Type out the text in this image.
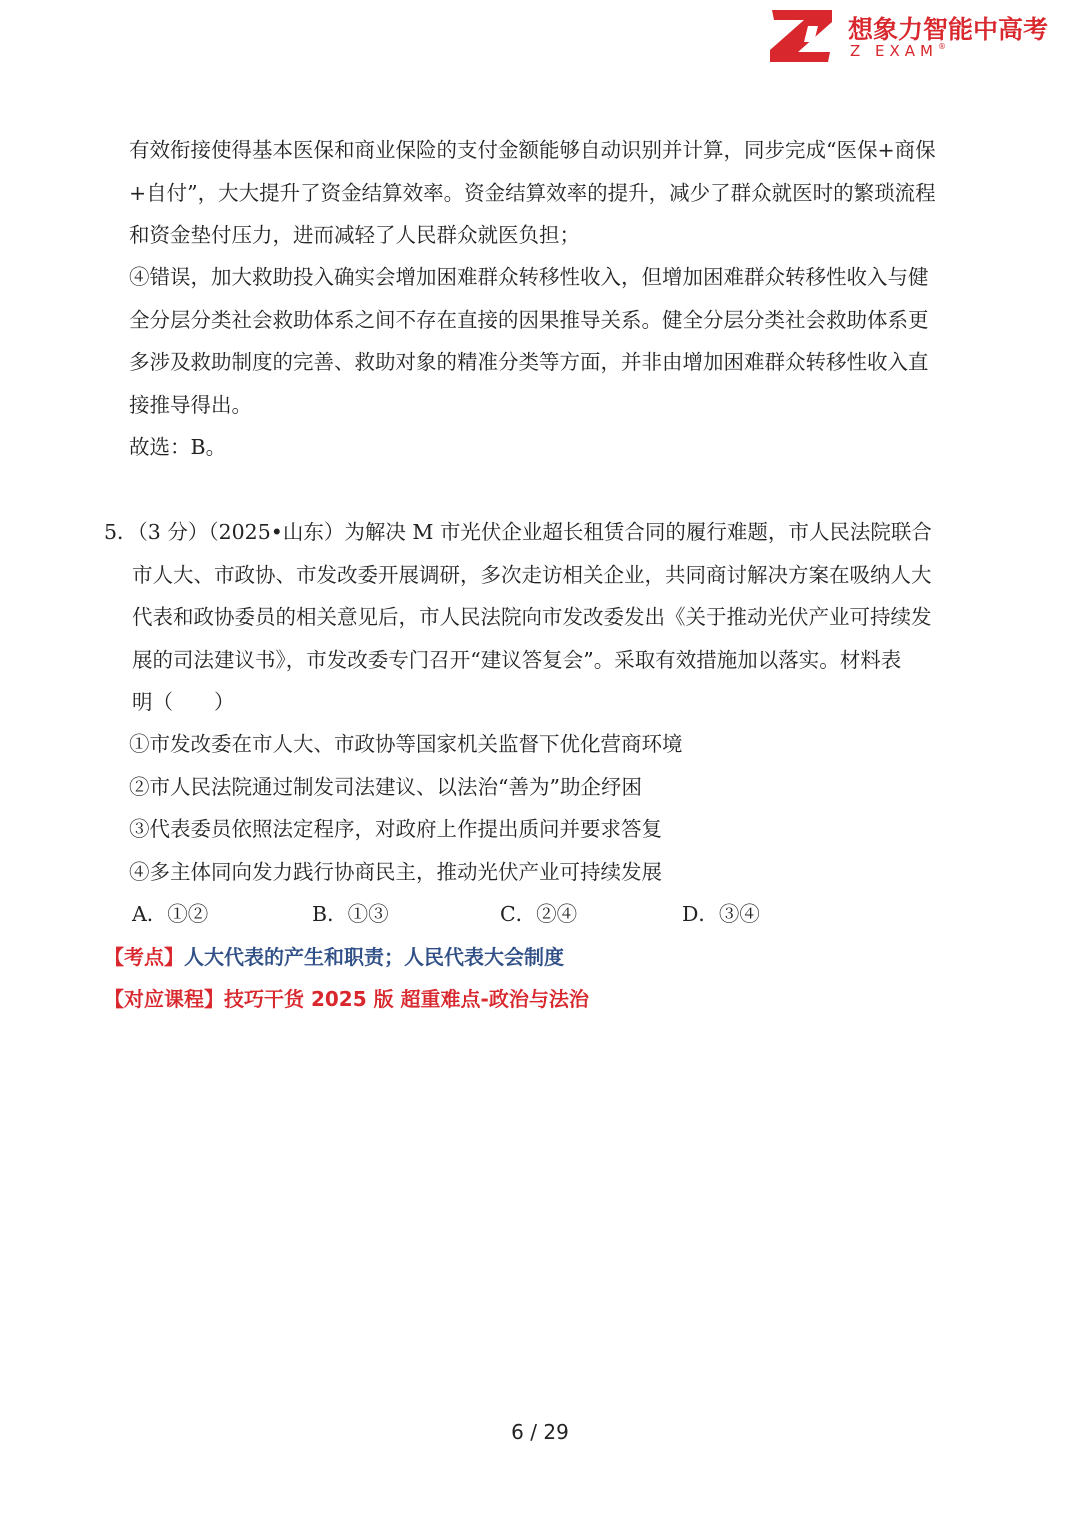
想象力智能中高考
Z EXAM®
有效衔接使得基本医保和商业保险的支付金额能够自动识别并计算，同步完成“医保+商保
+自付”，大大提升了资金结算效率。资金结算效率的提升，减少了群众就医时的繁琐流程
和资金垫付压力，进而减轻了人民群众就医负担；
④错误，加大救助投入确实会增加困难群众转移性收入，但增加困难群众转移性收入与健
全分层分类社会救助体系之间不存在直接的因果推导关系。健全分层分类社会救助体系更
多涉及救助制度的完善、救助对象的精准分类等方面，并非由增加困难群众转移性收入直
接推导得出。
故选：B。
5．（3 分）（2025•山东）为解决 M 市光伏企业超长租赁合同的履行难题，市人民法院联合
市人大、市政协、市发改委开展调研，多次走访相关企业，共同商讨解决方案在吸纳人大
代表和政协委员的相关意见后，市人民法院向市发改委发出《关于推动光伏产业可持续发
展的司法建议书》，市发改委专门召开“建议答复会”。采取有效措施加以落实。材料表
明（　　）
①市发改委在市人大、市政协等国家机关监督下优化营商环境
②市人民法院通过制发司法建议、以法治“善为”助企纾困
③代表委员依照法定程序，对政府上作提出质问并要求答复
④多主体同向发力践行协商民主，推动光伏产业可持续发展
A．①②	B．①③	C．②④	D．③④
【考点】人大代表的产生和职责；人民代表大会制度
【对应课程】技巧干货 2025 版 超重难点-政治与法治
6 / 29
